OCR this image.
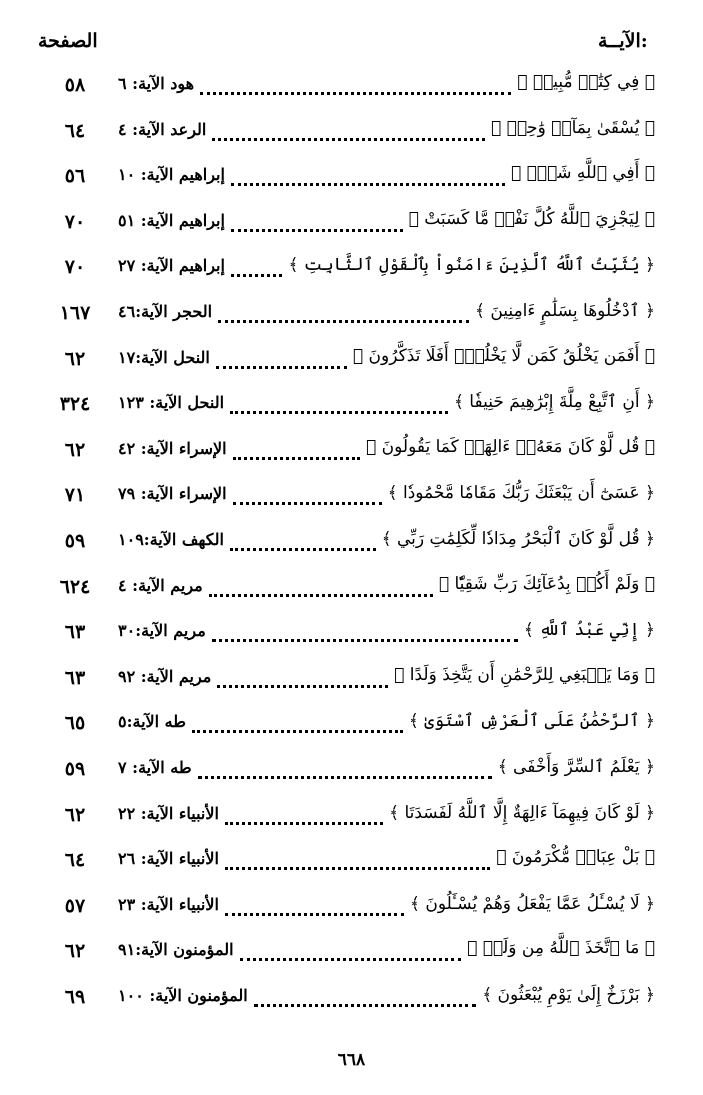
الآيــة:
الصفحة
٥٨	هود الآية: ٦	﴿ فِي كِتَٰبٖ مُّبِينٖ ﴾
٦٤	الرعد الآية: ٤	﴿ يُسْقَىٰ بِمَآءٖ وَٰحِدٖ ﴾
٥٦	إبراهيم الآية: ١٠	﴿ أَفِي ٱللَّهِ شَكّٞ ﴾
٧٠	إبراهيم الآية: ٥١	﴿ لِيَجْزِيَ ٱللَّهُ كُلَّ نَفْسٖ مَّا كَسَبَتْ ﴾
٧٠	إبراهيم الآية: ٢٧	﴿ يُثَبِّتُ ٱللَّهُ ٱلَّذِينَ ءَامَنُواْ بِٱلْقَوْلِ ٱلثَّابِتِ ﴾
١٦٧	الحجر الآية:٤٦	﴿ ٱدْخُلُوهَا بِسَلَٰمٍ ءَامِنِينَ ﴾
٦٢	النحل الآية:١٧	﴿ أَفَمَن يَخْلُقُ كَمَن لَّا يَخْلُقُۚ أَفَلَا تَذَكَّرُونَ ﴾
٣٢٤	النحل الآية: ١٢٣	﴿ أَنِ ٱتَّبِعْ مِلَّةَ إِبْرَٰهِيمَ حَنِيفٗا ﴾
٦٢	الإسراء الآية: ٤٢	﴿ قُل لَّوْ كَانَ مَعَهُۥٓ ءَالِهَةٞ كَمَا يَقُولُونَ ﴾
٧١	الإسراء الآية: ٧٩	﴿ عَسَىٰٓ أَن يَبْعَثَكَ رَبُّكَ مَقَامٗا مَّحْمُودٗا ﴾
٥٩	الكهف الآية:١٠٩	﴿ قُل لَّوْ كَانَ ٱلْبَحْرُ مِدَادٗا لِّكَلِمَٰتِ رَبِّي ﴾
٦٢٤	مريم الآية: ٤	﴿ وَلَمْ أَكُنۢ بِدُعَآئِكَ رَبِّ شَقِيّٗا ﴾
٦٣	مريم الآية:٣٠	﴿ إِنِّي عَبْدُ ٱللَّهِ ﴾
٦٣	مريم الآية: ٩٢	﴿ وَمَا يَنۢبَغِي لِلرَّحْمَٰنِ أَن يَتَّخِذَ وَلَدًا ﴾
٦٥	طه الآية:٥	﴿ ٱلرَّحْمَٰنُ عَلَى ٱلْعَرْشِ ٱسْتَوَىٰ ﴾
٥٩	طه الآية: ٧	﴿ يَعْلَمُ ٱلسِّرَّ وَأَخْفَى ﴾
٦٢	الأنبياء الآية: ٢٢	﴿ لَوْ كَانَ فِيهِمَآ ءَالِهَةٌ إِلَّا ٱللَّهُ لَفَسَدَتَا ﴾
٦٤	الأنبياء الآية: ٢٦	﴿ بَلْ عِبَادٞ مُّكْرَمُونَ ﴾
٥٧	الأنبياء الآية: ٢٣	﴿ لَا يُسْـَٔلُ عَمَّا يَفْعَلُ وَهُمْ يُسْـَٔلُونَ ﴾
٦٢	المؤمنون الآية:٩١	﴿ مَا ٱتَّخَذَ ٱللَّهُ مِن وَلَدٖ ﴾
٦٩	المؤمنون الآية: ١٠٠	﴿ بَرْزَخٌ إِلَىٰ يَوْمِ يُبْعَثُونَ ﴾
٦٦٨
